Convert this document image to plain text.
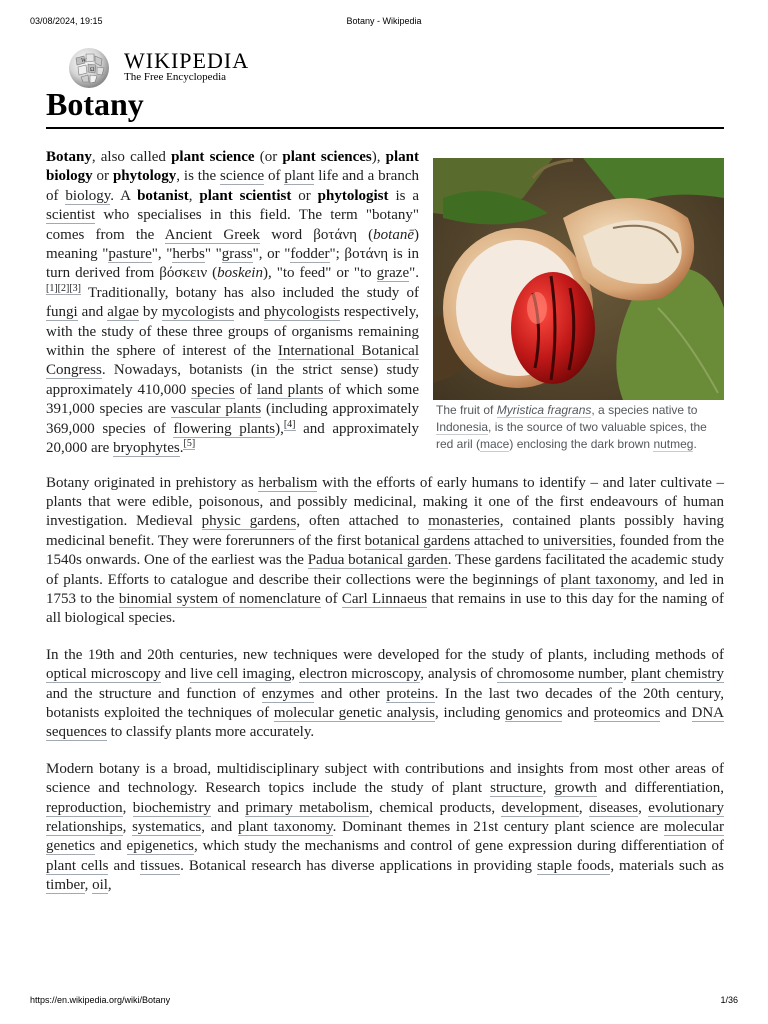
03/08/2024, 19:15	Botany - Wikipedia
W
Ω WIKIPEDIA
The Free Encyclopedia
Botany
The fruit of Myristica fragrans, a species native to Indonesia, is the source of two valuable spices, the red aril (mace) enclosing the dark brown nutmeg.

Botany, also called plant science (or plant sciences), plant biology or phytology, is the science of plant life and a branch of biology. A botanist, plant scientist or phytologist is a scientist who specialises in this field. The term "botany" comes from the Ancient Greek word βοτάνη (botanē) meaning "pasture", "herbs" "grass", or "fodder"; βοτάνη is in turn derived from βόσκειν (boskein), "to feed" or "to graze".[1][2][3] Traditionally, botany has also included the study of fungi and algae by mycologists and phycologists respectively, with the study of these three groups of organisms remaining within the sphere of interest of the International Botanical Congress. Nowadays, botanists (in the strict sense) study approximately 410,000 species of land plants of which some 391,000 species are vascular plants (including approximately 369,000 species of flowering plants),[4] and approximately 20,000 are bryophytes.[5]

Botany originated in prehistory as herbalism with the efforts of early humans to identify – and later cultivate – plants that were edible, poisonous, and possibly medicinal, making it one of the first endeavours of human investigation. Medieval physic gardens, often attached to monasteries, contained plants possibly having medicinal benefit. They were forerunners of the first botanical gardens attached to universities, founded from the 1540s onwards. One of the earliest was the Padua botanical garden. These gardens facilitated the academic study of plants. Efforts to catalogue and describe their collections were the beginnings of plant taxonomy, and led in 1753 to the binomial system of nomenclature of Carl Linnaeus that remains in use to this day for the naming of all biological species.

In the 19th and 20th centuries, new techniques were developed for the study of plants, including methods of optical microscopy and live cell imaging, electron microscopy, analysis of chromosome number, plant chemistry and the structure and function of enzymes and other proteins. In the last two decades of the 20th century, botanists exploited the techniques of molecular genetic analysis, including genomics and proteomics and DNA sequences to classify plants more accurately.

Modern botany is a broad, multidisciplinary subject with contributions and insights from most other areas of science and technology. Research topics include the study of plant structure, growth and differentiation, reproduction, biochemistry and primary metabolism, chemical products, development, diseases, evolutionary relationships, systematics, and plant taxonomy. Dominant themes in 21st century plant science are molecular genetics and epigenetics, which study the mechanisms and control of gene expression during differentiation of plant cells and tissues. Botanical research has diverse applications in providing staple foods, materials such as timber, oil,

https://en.wikipedia.org/wiki/Botany	1/36
